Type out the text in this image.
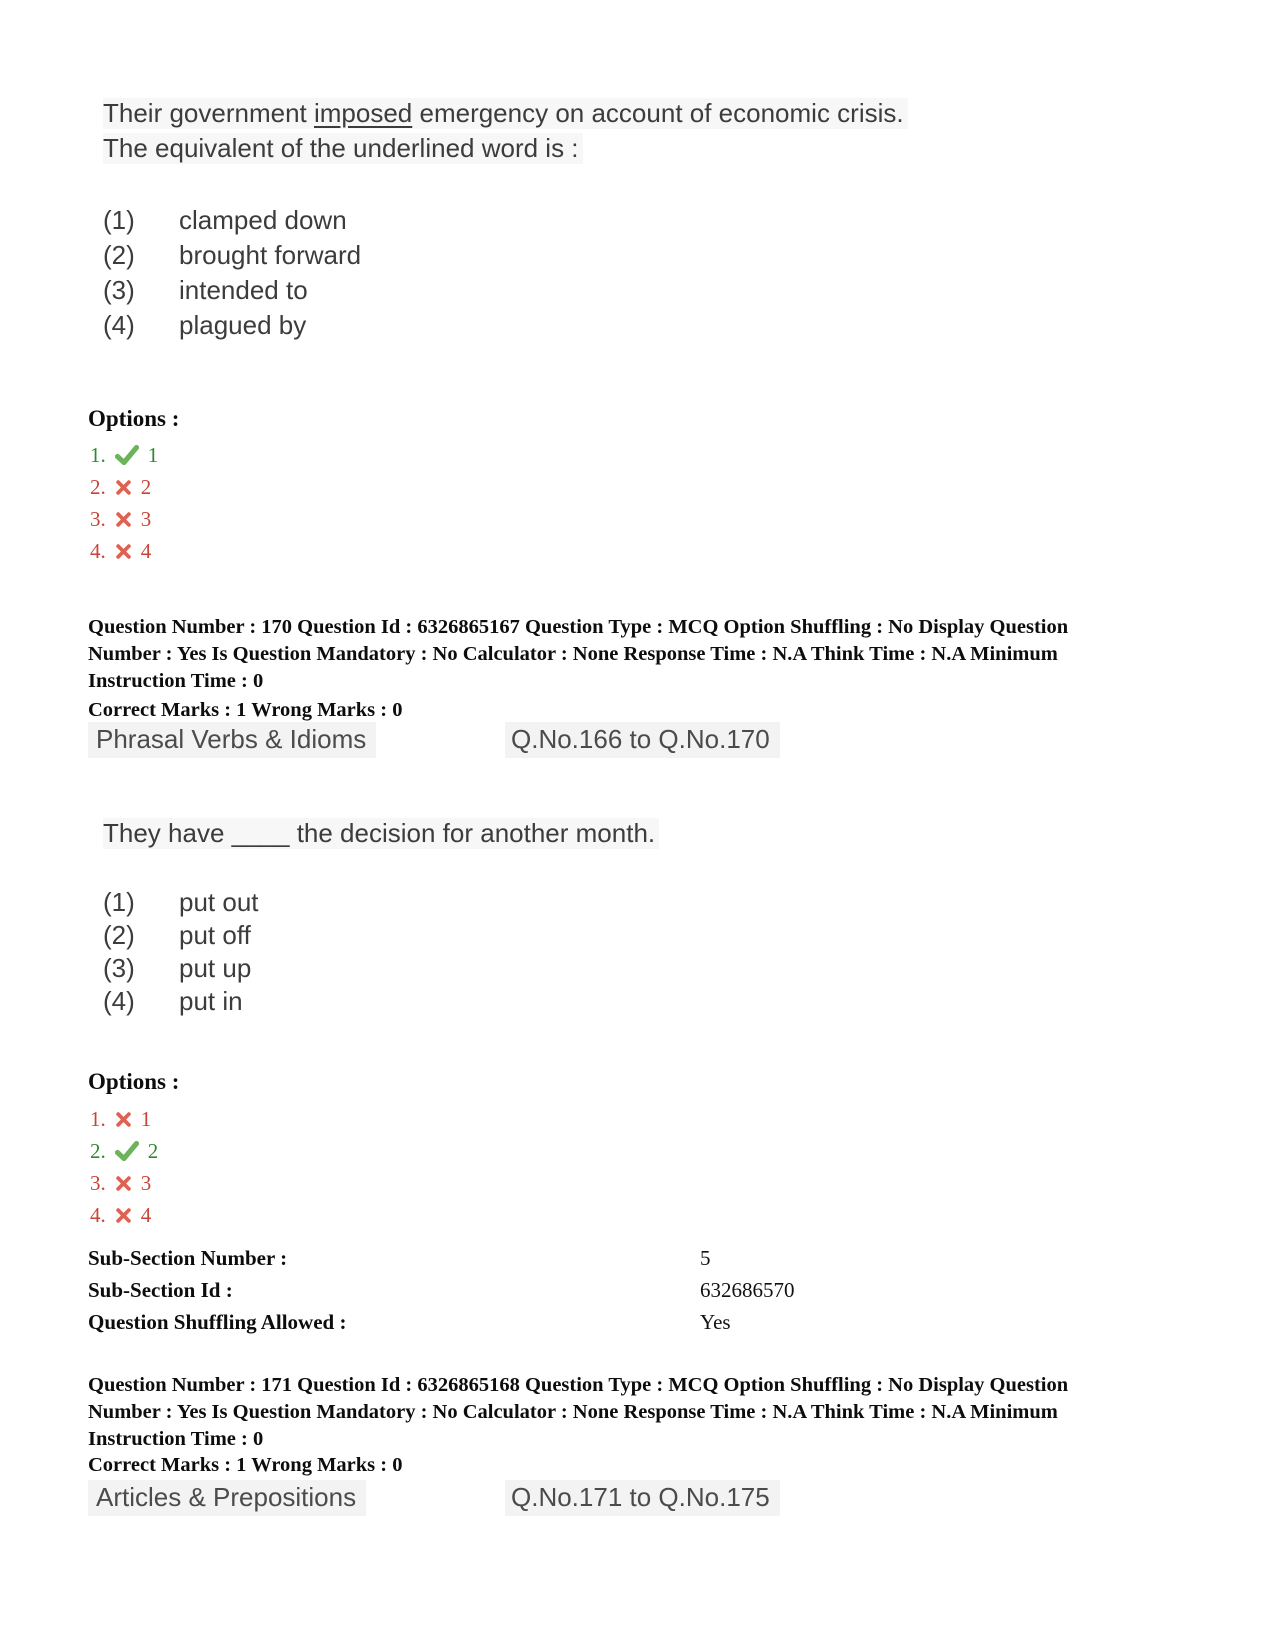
Their government imposed emergency on account of economic crisis.
The equivalent of the underlined word is :
(1)	clamped down
(2)	brought forward
(3)	intended to
(4)	plagued by
Options :
1. 1
2. 2
3. 3
4. 4
Question Number : 170 Question Id : 6326865167 Question Type : MCQ Option Shuffling : No Display Question Number : Yes Is Question Mandatory : No Calculator : None Response Time : N.A Think Time : N.A Minimum Instruction Time : 0
Correct Marks : 1 Wrong Marks : 0
Phrasal Verbs & Idioms	Q.No.166 to Q.No.170
They have ____ the decision for another month.
(1)	put out
(2)	put off
(3)	put up
(4)	put in
Options :
1. 1
2. 2
3. 3
4. 4
Sub-Section Number :	5
Sub-Section Id :	632686570
Question Shuffling Allowed :	Yes
Question Number : 171 Question Id : 6326865168 Question Type : MCQ Option Shuffling : No Display Question Number : Yes Is Question Mandatory : No Calculator : None Response Time : N.A Think Time : N.A Minimum Instruction Time : 0
Correct Marks : 1 Wrong Marks : 0
Articles & Prepositions	Q.No.171 to Q.No.175
